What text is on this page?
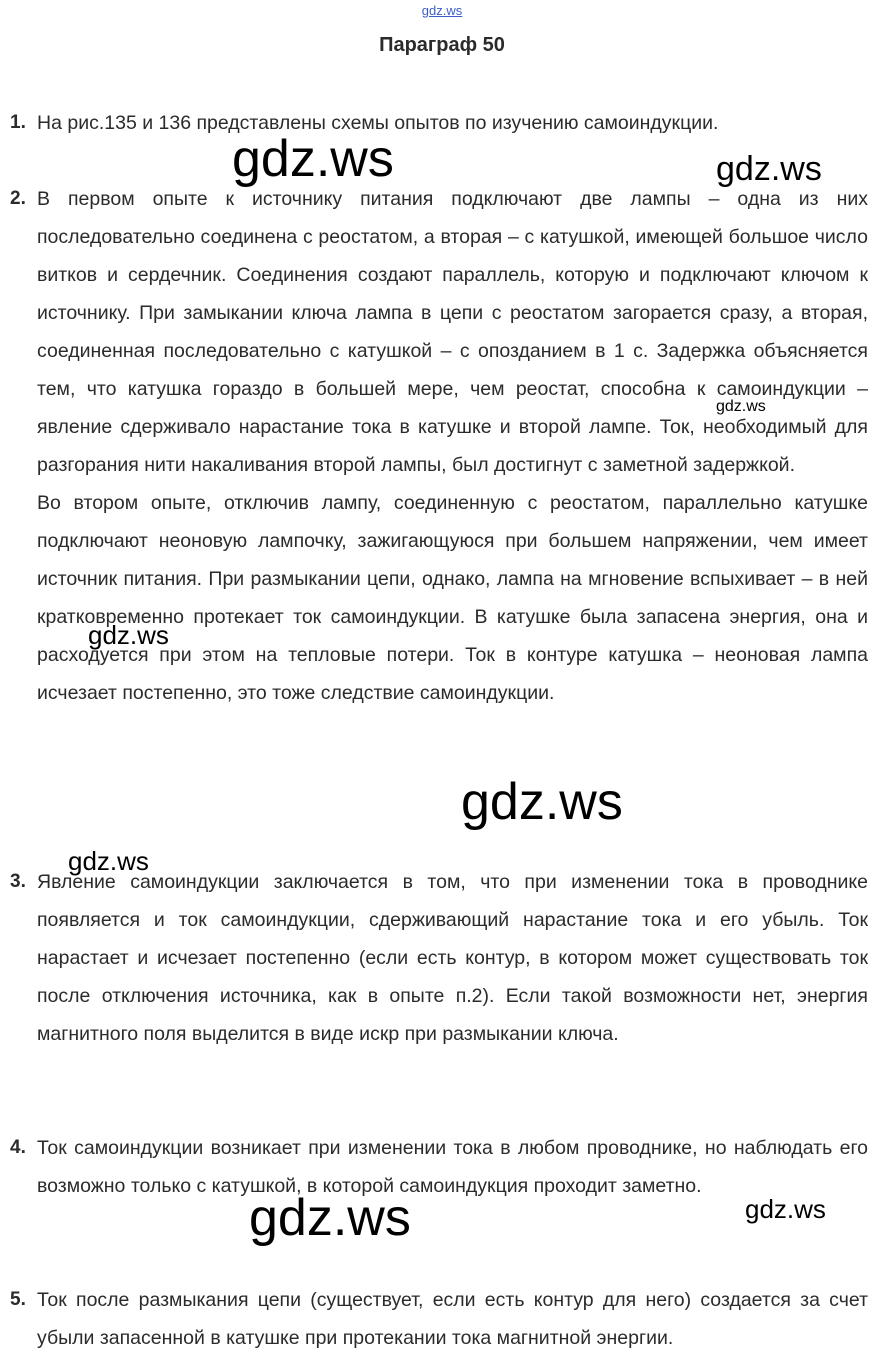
gdz.ws
Параграф 50
1. На рис.135 и 136 представлены схемы опытов по изучению самоиндукции.

2. В первом опыте к источнику питания подключают две лампы – одна из них последовательно соединена с реостатом, а вторая – с катушкой, имеющей большое число витков и сердечник. Соединения создают параллель, которую и подключают ключом к источнику. При замыкании ключа лампа в цепи с реостатом загорается сразу, а вторая, соединенная последовательно с катушкой – с опозданием в 1 с. Задержка объясняется тем, что катушка гораздо в большей мере, чем реостат, способна к самоиндукции – явление сдерживало нарастание тока в катушке и второй лампе. Ток, необходимый для разгорания нити накаливания второй лампы, был достигнут с заметной задержкой.

Во втором опыте, отключив лампу, соединенную с реостатом, параллельно катушке подключают неоновую лампочку, зажигающуюся при большем напряжении, чем имеет источник питания. При размыкании цепи, однако, лампа на мгновение вспыхивает – в ней кратковременно протекает ток самоиндукции. В катушке была запасена энергия, она и расходуется при этом на тепловые потери. Ток в контуре катушка – неоновая лампа исчезает постепенно, это тоже следствие самоиндукции.

3. Явление самоиндукции заключается в том, что при изменении тока в проводнике появляется и ток самоиндукции, сдерживающий нарастание тока и его убыль. Ток нарастает и исчезает постепенно (если есть контур, в котором может существовать ток после отключения источника, как в опыте п.2). Если такой возможности нет, энергия магнитного поля выделится в виде искр при размыкании ключа.

4. Ток самоиндукции возникает при изменении тока в любом проводнике, но наблюдать его возможно только с катушкой, в которой самоиндукция проходит заметно.

5. Ток после размыкания цепи (существует, если есть контур для него) создается за счет убыли запасенной в катушке при протекании тока магнитной энергии.

gdz.ws	gdz.ws
gdz.ws
gdz.ws
gdz.ws
gdz.ws
gdz.ws	gdz.ws
